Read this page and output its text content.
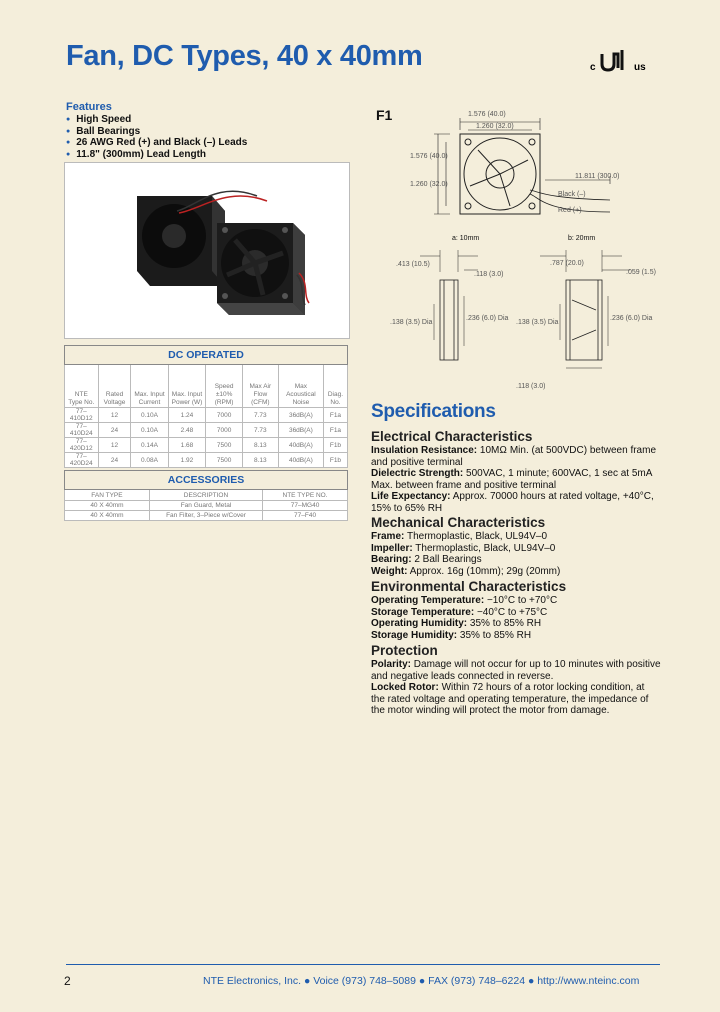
Fan, DC Types, 40 x 40mm	c	us
Features
● High Speed
● Ball Bearings
● 26 AWG Red (+) and Black (–) Leads
● 11.8" (300mm) Lead Length
DC OPERATED							
NTE Type No.	Rated Voltage	Max. Input Current	Max. Input Power (W)	Speed ±10% (RPM)	Max Air Flow (CFM)	Max Acoustical Noise	Diag. No.
77–410D12	12	0.10A	1.24	7000	7.73	36dB(A)	F1a
77–410D24	24	0.10A	2.48	7000	7.73	36dB(A)	F1a
77–420D12	12	0.14A	1.68	7500	8.13	40dB(A)	F1b
77–420D24	24	0.08A	1.92	7500	8.13	40dB(A)	F1b
ACCESSORIES		
FAN TYPE	DESCRIPTION	NTE TYPE NO.
40 X 40mm	Fan Guard, Metal	77–MG40
40 X 40mm	Fan Filter, 3–Piece w/Cover	77–F40
F1	1.576 (40.0)
1.260 (32.0)
1.576 (40.0)
1.260 (32.0)
11.811 (300.0)
Black (–)
Red (+)
a: 10mm
.413 (10.5)
.118 (3.0)
.138 (3.5) Dia
.236 (6.0) Dia
b: 20mm
.787 (20.0)
.059 (1.5)
.138 (3.5) Dia
.236 (6.0) Dia
.118 (3.0)
Specifications
Electrical Characteristics
Insulation Resistance: 10MΩ Min. (at 500VDC) between frame and positive terminal
Dielectric Strength: 500VAC, 1 minute; 600VAC, 1 sec at 5mA Max. between frame and positive terminal
Life Expectancy: Approx. 70000 hours at rated voltage, +40°C, 15% to 65% RH
Mechanical Characteristics
Frame: Thermoplastic, Black, UL94V–0
Impeller: Thermoplastic, Black, UL94V–0
Bearing: 2 Ball Bearings
Weight: Approx. 16g (10mm); 29g (20mm)
Environmental Characteristics
Operating Temperature: −10°C to +70°C
Storage Temperature: −40°C to +75°C
Operating Humidity: 35% to 85% RH
Storage Humidity: 35% to 85% RH
Protection
Polarity: Damage will not occur for up to 10 minutes with positive and negative leads connected in reverse.
Locked Rotor: Within 72 hours of a rotor locking condition, at the rated voltage and operating temperature, the impedance of the motor winding will protect the motor from damage.
2	NTE Electronics, Inc. ● Voice (973) 748–5089 ● FAX (973) 748–6224 ● http://www.nteinc.com
